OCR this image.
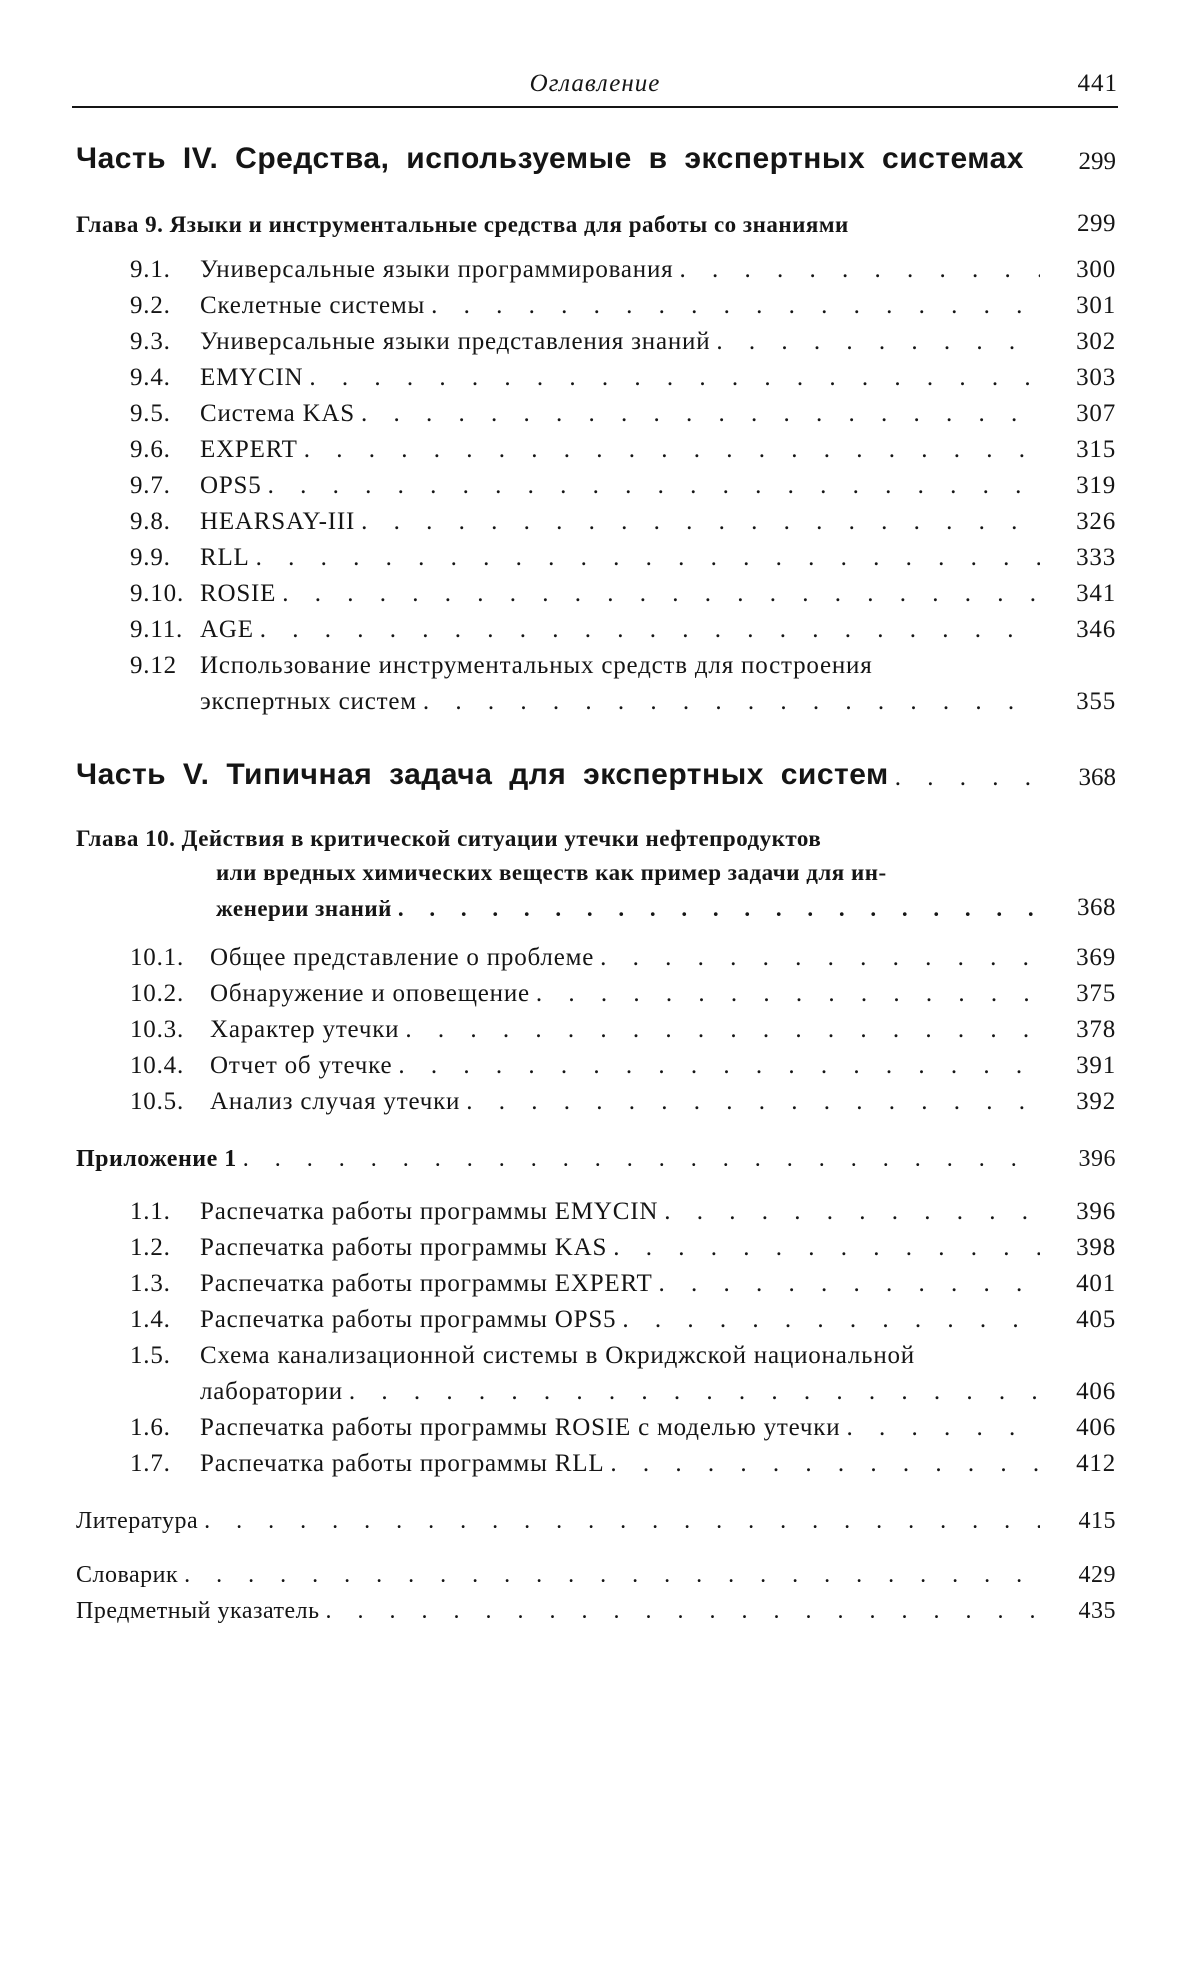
Оглавление	441
Часть IV. Средства, используемые в экспертных системах	299
Глава 9. Языки и инструментальные средства для работы со знаниями	299
9.1.	Универсальные языки программирования . . .	300
9.2.	Скелетные системы . . .	301
9.3.	Универсальные языки представления знаний . . .	302
9.4.	EMYCIN . . .	303
9.5.	Система KAS . . .	307
9.6.	EXPERT . . .	315
9.7.	OPS5 . . .	319
9.8.	HEARSAY-III . . .	326
9.9.	RLL . . .	333
9.10. ROSIE . . .	341
9.11. AGE . . .	346
9.12 Использование инструментальных средств для построения
экспертных систем . . .	355
Часть V. Типичная задача для экспертных систем . . .	368
Глава 10. Действия в критической ситуации утечки нефтепродуктов
или вредных химических веществ как пример задачи для ин-
женерии знаний . . .	368
10.1.	Общее представление о проблеме . . .	369
10.2.	Обнаружение и оповещение . . .	375
10.3.	Характер утечки . . .	378
10.4.	Отчет об утечке . . .	391
10.5.	Анализ случая утечки . . .	392
Приложение 1 . . .	396
1.1.	Распечатка работы программы EMYCIN . . .	396
1.2.	Распечатка работы программы KAS . . .	398
1.3.	Распечатка работы программы EXPERT . . .	401
1.4.	Распечатка работы программы OPS5 . . .	405
1.5.	Схема канализационной системы в Окриджской национальной
лаборатории . . .	406
1.6.	Распечатка работы программы ROSIE с моделью утечки . . .	406
1.7.	Распечатка работы программы RLL . . .	412
Литература . . .	415
Словарик . . .	429
Предметный указатель . . .	435
